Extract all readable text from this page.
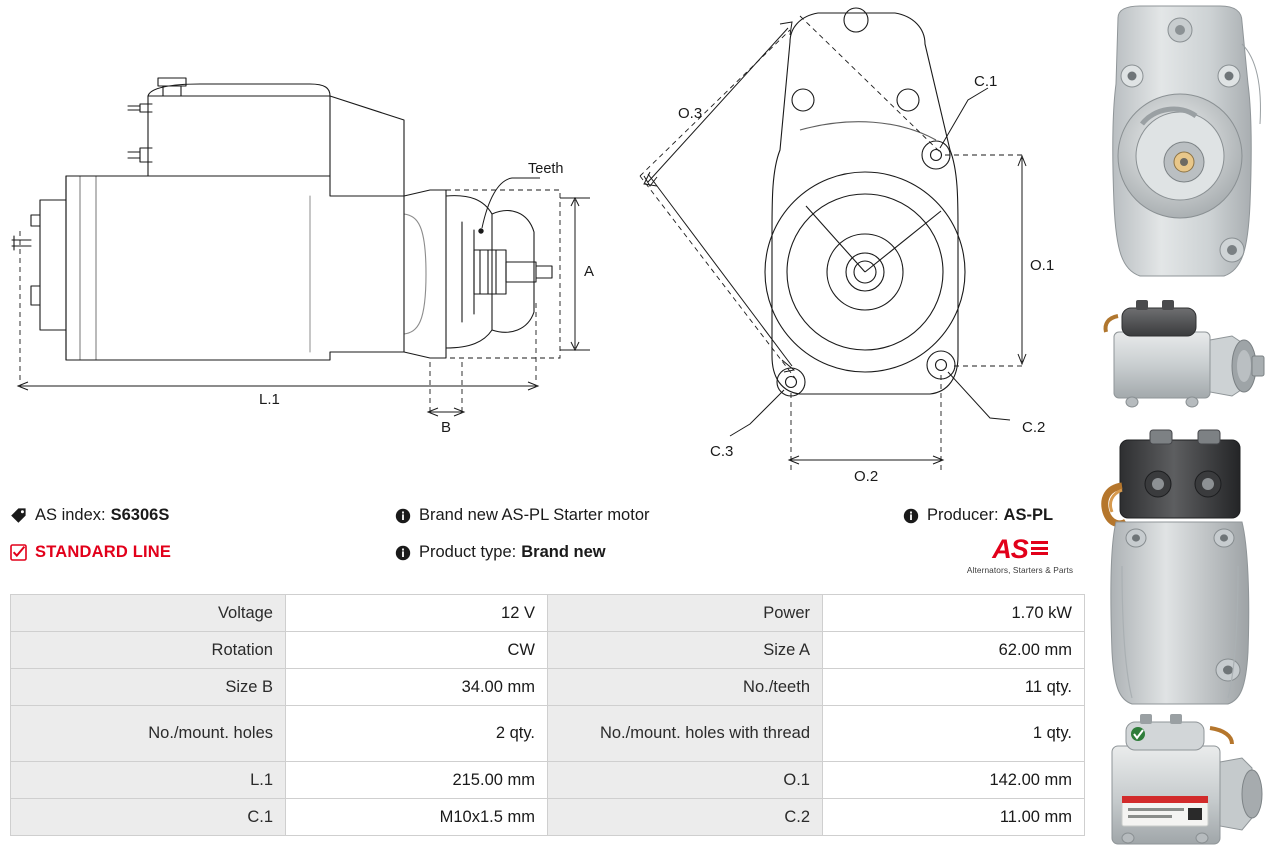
Teeth
A
L.1
B
O.1
O.2
O.3
C.1
C.2
C.3
AS index: S6306S	Brand new AS-PL Starter motor	Producer: AS-PL
STANDARD LINE	Product type: Brand new	AS
Alternators, Starters & Parts
Voltage	12 V	Power	1.70 kW
Rotation	CW	Size A	62.00 mm
Size B	34.00 mm	No./teeth	11 qty.
No./mount. holes	2 qty.	No./mount. holes with thread	1 qty.
L.1	215.00 mm	O.1	142.00 mm
C.1	M10x1.5 mm	C.2	11.00 mm
